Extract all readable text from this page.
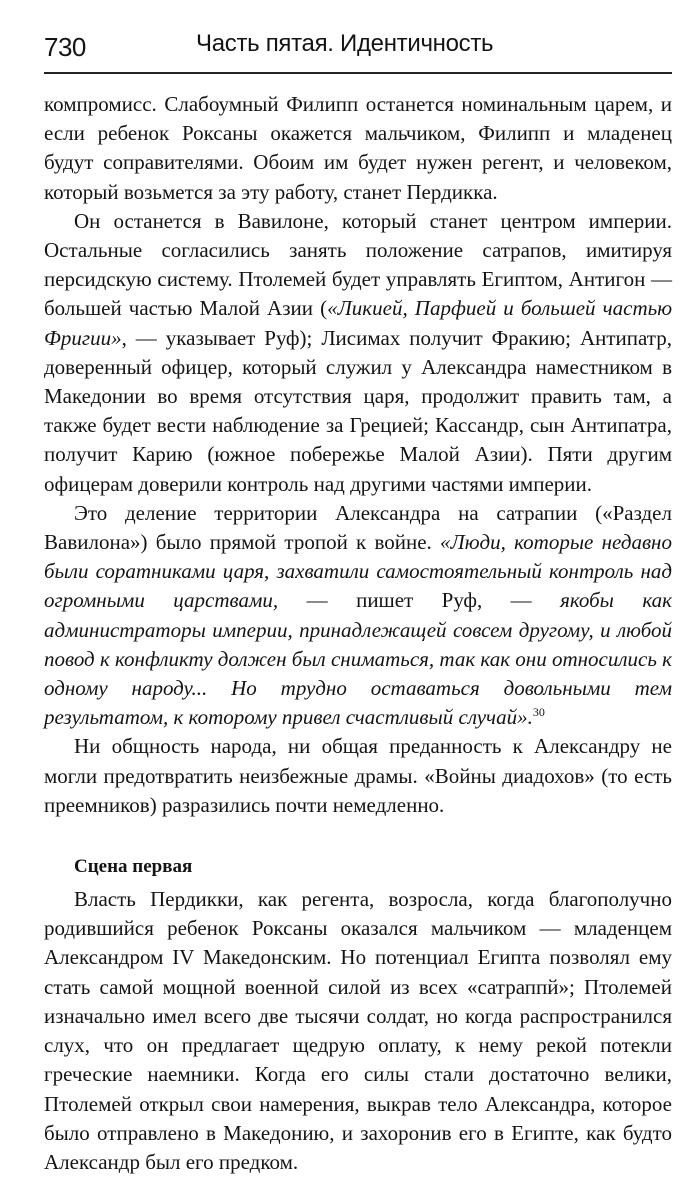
730	Часть пятая. Идентичность

компромисс. Слабоумный Филипп останется номинальным царем, и если ребенок Роксаны окажется мальчиком, Филипп и младенец будут соправителями. Обоим им будет нужен регент, и человеком, который возьмется за эту работу, станет Пердикка.

Он останется в Вавилоне, который станет центром империи. Остальные согласились занять положение сатрапов, имитируя персидскую систему. Птолемей будет управлять Египтом, Антигон — большей частью Малой Азии («Ликией, Парфией и большей частью Фригии», — указывает Руф); Лисимах получит Фракию; Антипатр, доверенный офицер, который служил у Александра наместником в Македонии во время отсутствия царя, продолжит править там, а также будет вести наблюдение за Грецией; Кассандр, сын Антипатра, получит Карию (южное побережье Малой Азии). Пяти другим офицерам доверили контроль над другими частями империи.

Это деление территории Александра на сатрапии («Раздел Вавилона») было прямой тропой к войне. «Люди, которые недавно были соратниками царя, захватили самостоятельный контроль над огромными царствами, — пишет Руф, — якобы как администраторы империи, принадлежащей совсем другому, и любой повод к конфликту должен был сниматься, так как они относились к одному народу... Но трудно оставаться довольными тем результатом, к которому привел счастливый случай».$^{30}$

Ни общность народа, ни общая преданность к Александру не могли предотвратить неизбежные драмы. «Войны диадохов» (то есть преемников) разразились почти немедленно.

Сцена первая

Власть Пердикки, как регента, возросла, когда благополучно родившийся ребенок Роксаны оказался мальчиком — младенцем Александром IV Македонским. Но потенциал Египта позволял ему стать самой мощной военной силой из всех «сатраппй»; Птолемей изначально имел всего две тысячи солдат, но когда распространился слух, что он предлагает щедрую оплату, к нему рекой потекли греческие наемники. Когда его силы стали достаточно велики, Птолемей открыл свои намерения, выкрав тело Александра, которое было отправлено в Македонию, и захоронив его в Египте, как будто Александр был его предком.
